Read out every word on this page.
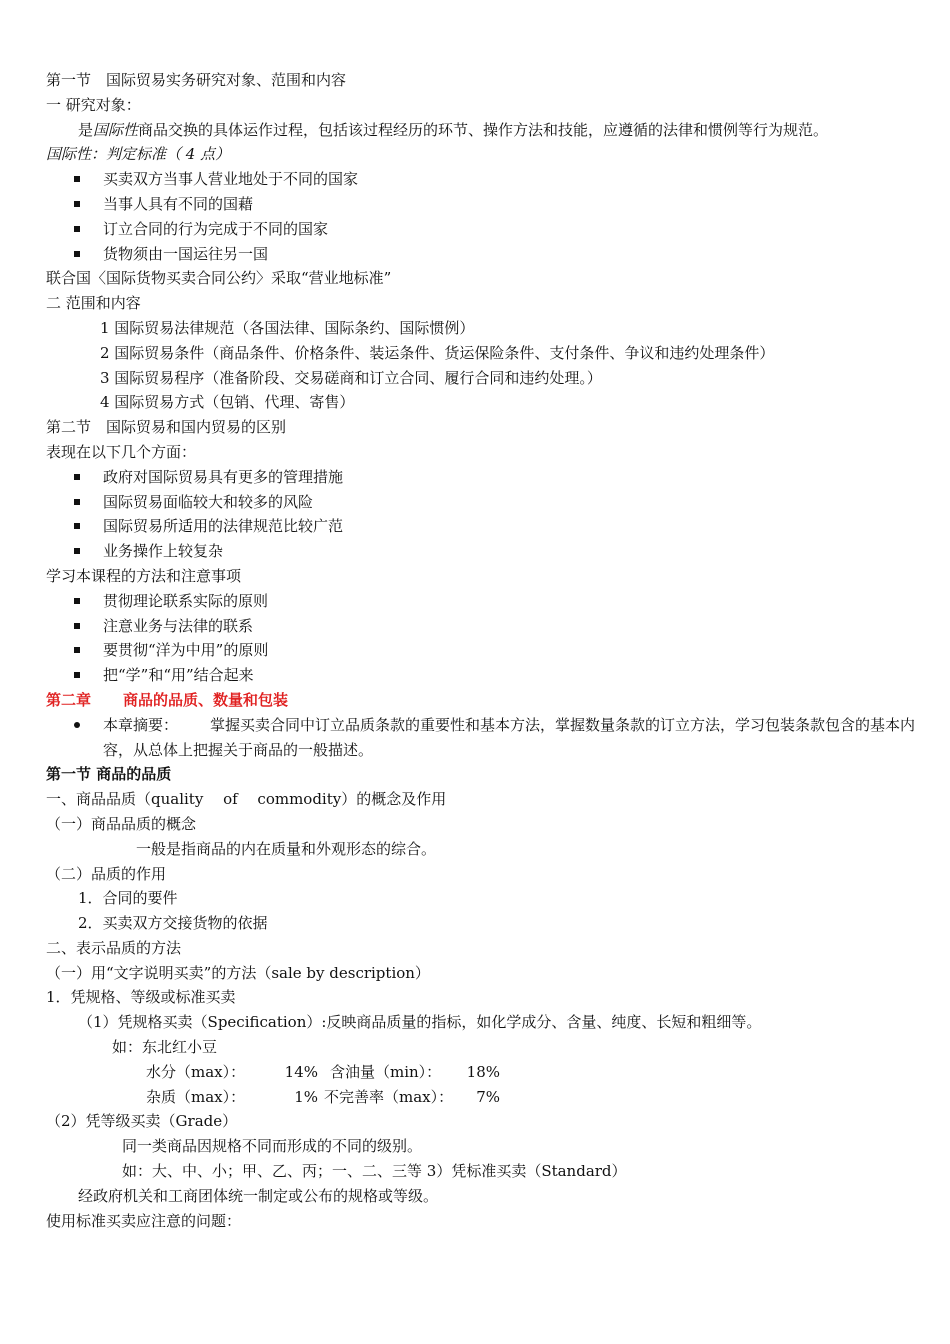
第一节　国际贸易实务研究对象、范围和内容
一 研究对象：
是国际性商品交换的具体运作过程，包括该过程经历的环节、操作方法和技能，应遵循的法律和惯例等行为规范。
国际性：判定标准（ 4 点）
买卖双方当事人营业地处于不同的国家
当事人具有不同的国藉
订立合同的行为完成于不同的国家
货物须由一国运往另一国
联合国〈国际货物买卖合同公约〉采取“营业地标准”
二 范围和内容
1 国际贸易法律规范（各国法律、国际条约、国际惯例）
2 国际贸易条件（商品条件、价格条件、装运条件、货运保险条件、支付条件、争议和违约处理条件）
3 国际贸易程序（准备阶段、交易磋商和订立合同、履行合同和违约处理。）
4 国际贸易方式（包销、代理、寄售）
第二节　国际贸易和国内贸易的区别
表现在以下几个方面：
政府对国际贸易具有更多的管理措施
国际贸易面临较大和较多的风险
国际贸易所适用的法律规范比较广范
业务操作上较复杂
学习本课程的方法和注意事项
贯彻理论联系实际的原则
注意业务与法律的联系
要贯彻“洋为中用”的原则
把“学”和“用”结合起来
第二章 商品的品质、数量和包装
本章摘要： 掌握买卖合同中订立品质条款的重要性和基本方法，掌握数量条款的订立方法，学习包装条款包含的基本内容，从总体上把握关于商品的一般描述。
第一节 商品的品质
一、商品品质（quality　 of　 commodity）的概念及作用
（一）商品品质的概念
一般是指商品的内在质量和外观形态的综合。
（二）品质的作用
1．合同的要件
2．买卖双方交接货物的依据
二、表示品质的方法
（一）用“文字说明买卖”的方法（sale by description）
1．凭规格、等级或标准买卖
（1）凭规格买卖（Specification）:反映商品质量的指标，如化学成分、含量、纯度、长短和粗细等。
如：东北红小豆
水分（max）：	14% 含油量（min）： 18%
杂质（max）：	1% 不完善率（max）： 7%
（2）凭等级买卖（Grade）
同一类商品因规格不同而形成的不同的级别。
如：大、中、小；甲、乙、丙；一、二、三等 3）凭标准买卖（Standard）
经政府机关和工商团体统一制定或公布的规格或等级。
使用标准买卖应注意的问题：
